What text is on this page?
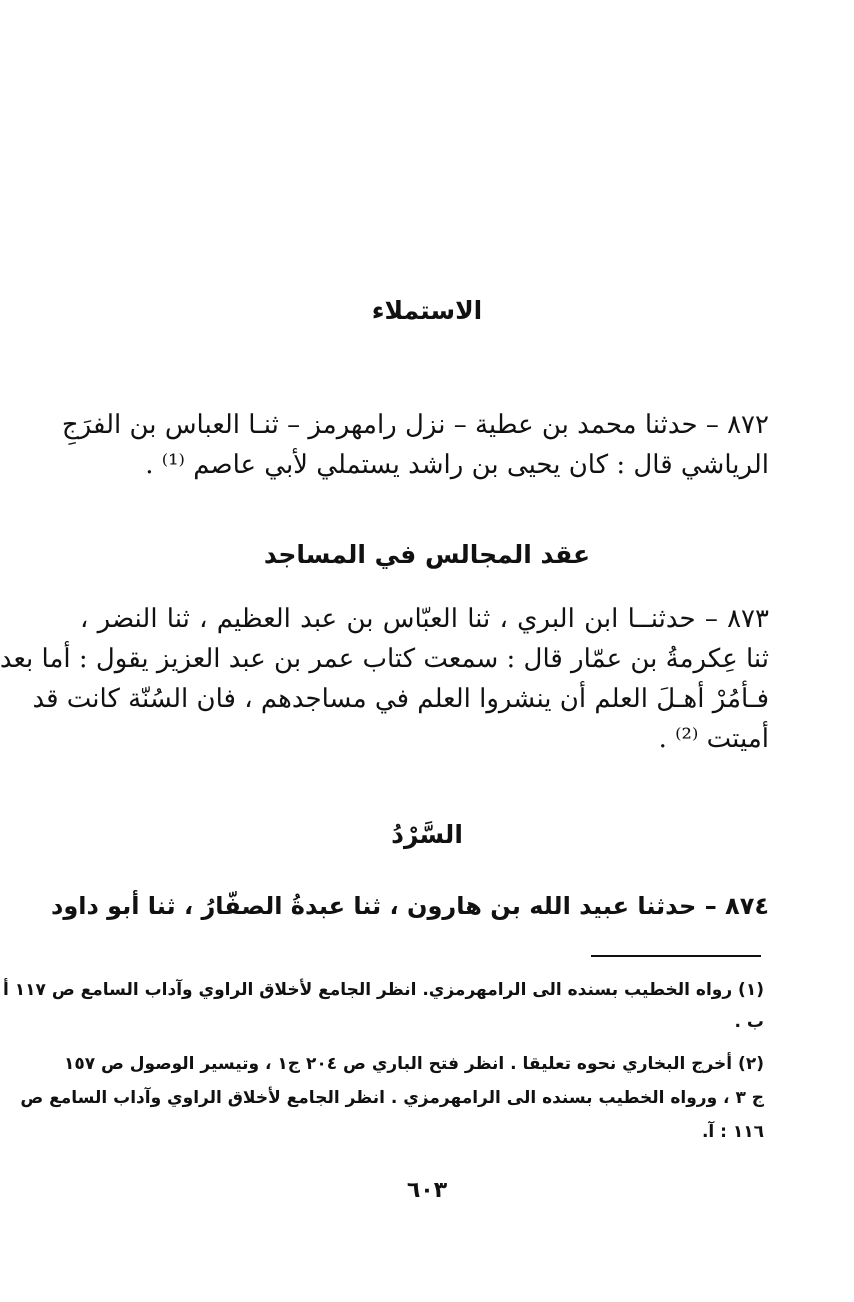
الاستملاء
٨٧٢ – حدثنا محمد بن عطية – نزل رامهرمز – ثنـا العباس بن الفرَجِ
الرياشي قال : كان يحيى بن راشد يستملي لأبي عاصم ⁽¹⁾ .
عقد المجالس في المساجد
٨٧٣ – حدثنــا ابن البري ، ثنا العبّاس بن عبد العظيم ، ثنا النضر ،
ثنا عِكرمةُ بن عمّار قال : سمعت كتاب عمر بن عبد العزيز يقول : أما بعد
فـأمُرْ أهـلَ العلم أن ينشروا العلم في مساجدهم ، فان السُنّة كانت قد
أميتت ⁽²⁾ .
السَّرْدُ
٨٧٤ – حدثنا عبيد الله بن هارون ، ثنا عبدةُ الصفّارُ ، ثنا أبو داود
(١) رواه الخطيب بسنده الى الرامهرمزي. انظر الجامع لأخلاق الراوي وآداب السامع ص ١١٧ أ
ب .
(٢) أخرج البخاري نحوه تعليقا . انظر فتح الباري ص ٢٠٤ ج١ ، وتيسير الوصول ص ١٥٧
ج ٣ ، ورواه الخطيب بسنده الى الرامهرمزي . انظر الجامع لأخلاق الراوي وآداب السامع ص
١١٦ : آ.
٦٠٣
